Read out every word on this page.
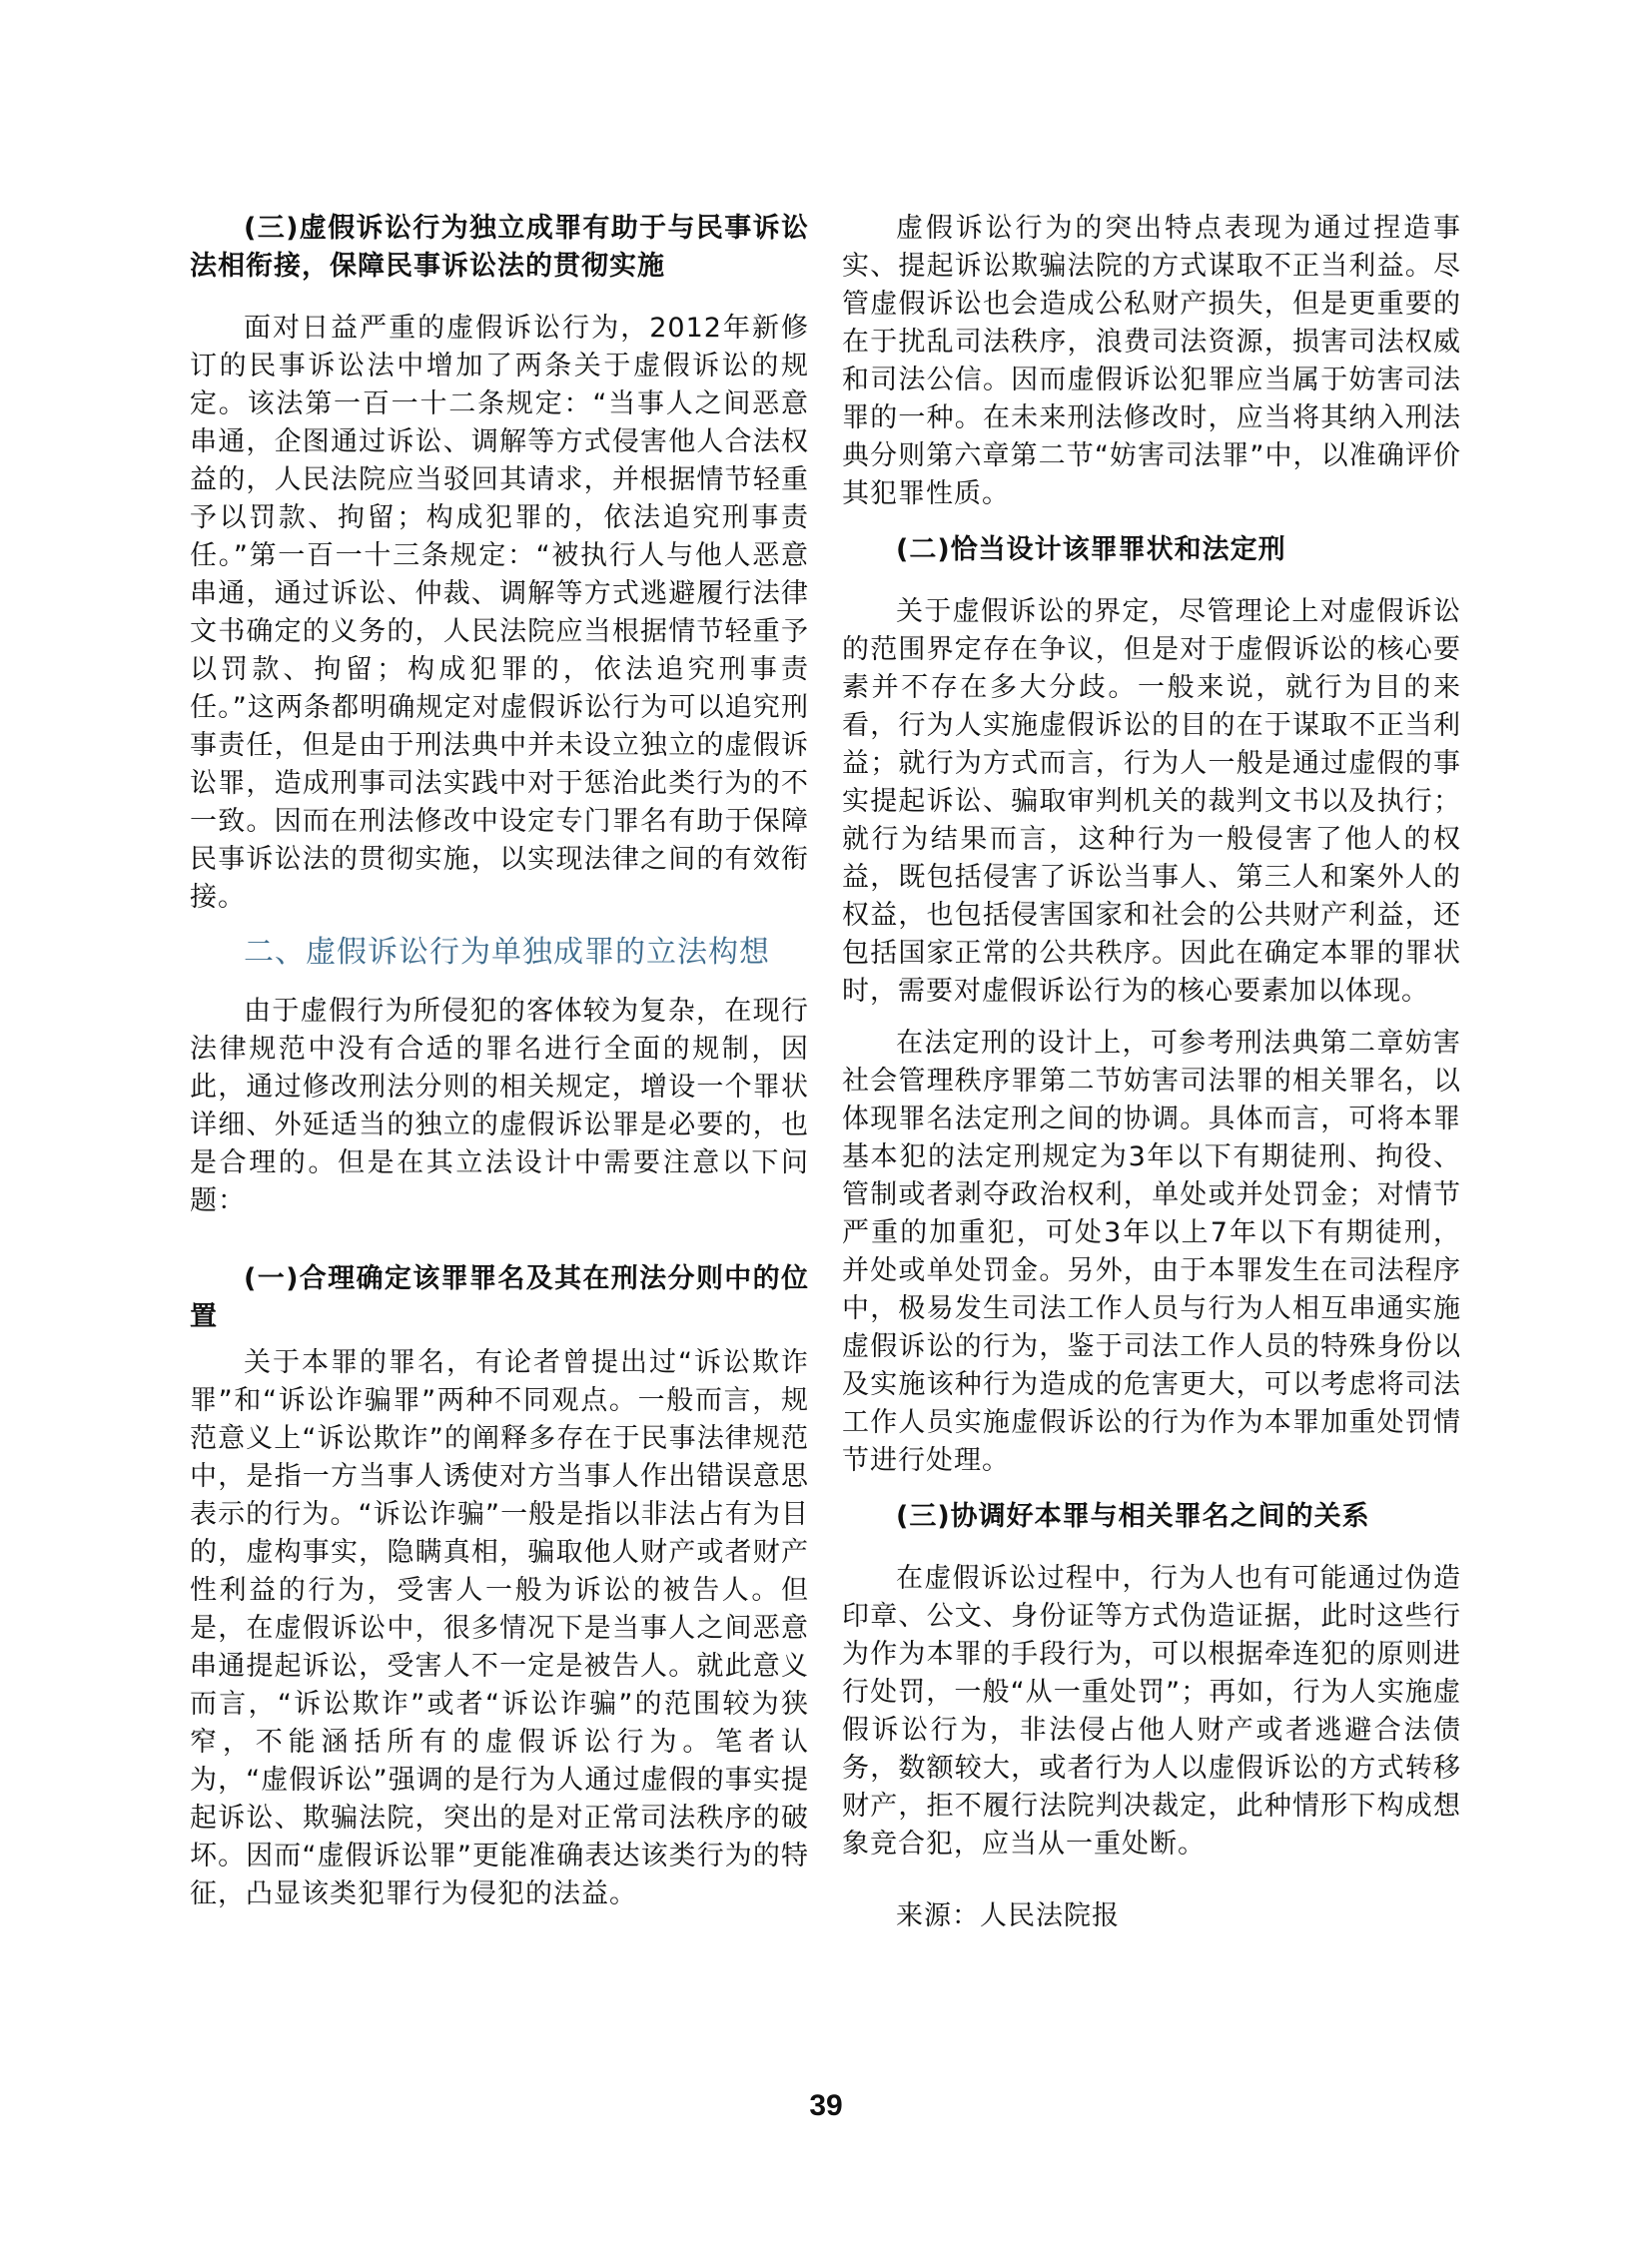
(三)虚假诉讼行为独立成罪有助于与民事诉讼法相衔接，保障民事诉讼法的贯彻实施
面对日益严重的虚假诉讼行为，2012年新修订的民事诉讼法中增加了两条关于虚假诉讼的规定。该法第一百一十二条规定：“当事人之间恶意串通，企图通过诉讼、调解等方式侵害他人合法权益的，人民法院应当驳回其请求，并根据情节轻重予以罚款、拘留；构成犯罪的，依法追究刑事责任。”第一百一十三条规定：“被执行人与他人恶意串通，通过诉讼、仲裁、调解等方式逃避履行法律文书确定的义务的，人民法院应当根据情节轻重予以罚款、拘留；构成犯罪的，依法追究刑事责任。”这两条都明确规定对虚假诉讼行为可以追究刑事责任，但是由于刑法典中并未设立独立的虚假诉讼罪，造成刑事司法实践中对于惩治此类行为的不一致。因而在刑法修改中设定专门罪名有助于保障民事诉讼法的贯彻实施，以实现法律之间的有效衔接。
二、虚假诉讼行为单独成罪的立法构想
由于虚假行为所侵犯的客体较为复杂，在现行法律规范中没有合适的罪名进行全面的规制，因此，通过修改刑法分则的相关规定，增设一个罪状详细、外延适当的独立的虚假诉讼罪是必要的，也是合理的。但是在其立法设计中需要注意以下问题：
(一)合理确定该罪罪名及其在刑法分则中的位置
关于本罪的罪名，有论者曾提出过“诉讼欺诈罪”和“诉讼诈骗罪”两种不同观点。一般而言，规范意义上“诉讼欺诈”的阐释多存在于民事法律规范中，是指一方当事人诱使对方当事人作出错误意思表示的行为。“诉讼诈骗”一般是指以非法占有为目的，虚构事实，隐瞒真相，骗取他人财产或者财产性利益的行为，受害人一般为诉讼的被告人。但是，在虚假诉讼中，很多情况下是当事人之间恶意串通提起诉讼，受害人不一定是被告人。就此意义而言，“诉讼欺诈”或者“诉讼诈骗”的范围较为狭窄，不能涵括所有的虚假诉讼行为。笔者认为，“虚假诉讼”强调的是行为人通过虚假的事实提起诉讼、欺骗法院，突出的是对正常司法秩序的破坏。因而“虚假诉讼罪”更能准确表达该类行为的特征，凸显该类犯罪行为侵犯的法益。
虚假诉讼行为的突出特点表现为通过捏造事实、提起诉讼欺骗法院的方式谋取不正当利益。尽管虚假诉讼也会造成公私财产损失，但是更重要的在于扰乱司法秩序，浪费司法资源，损害司法权威和司法公信。因而虚假诉讼犯罪应当属于妨害司法罪的一种。在未来刑法修改时，应当将其纳入刑法典分则第六章第二节“妨害司法罪”中，以准确评价其犯罪性质。
(二)恰当设计该罪罪状和法定刑
关于虚假诉讼的界定，尽管理论上对虚假诉讼的范围界定存在争议，但是对于虚假诉讼的核心要素并不存在多大分歧。一般来说，就行为目的来看，行为人实施虚假诉讼的目的在于谋取不正当利益；就行为方式而言，行为人一般是通过虚假的事实提起诉讼、骗取审判机关的裁判文书以及执行；就行为结果而言，这种行为一般侵害了他人的权益，既包括侵害了诉讼当事人、第三人和案外人的权益，也包括侵害国家和社会的公共财产利益，还包括国家正常的公共秩序。因此在确定本罪的罪状时，需要对虚假诉讼行为的核心要素加以体现。
在法定刑的设计上，可参考刑法典第二章妨害社会管理秩序罪第二节妨害司法罪的相关罪名，以体现罪名法定刑之间的协调。具体而言，可将本罪基本犯的法定刑规定为3年以下有期徒刑、拘役、管制或者剥夺政治权利，单处或并处罚金；对情节严重的加重犯，可处3年以上7年以下有期徒刑，并处或单处罚金。另外，由于本罪发生在司法程序中，极易发生司法工作人员与行为人相互串通实施虚假诉讼的行为，鉴于司法工作人员的特殊身份以及实施该种行为造成的危害更大，可以考虑将司法工作人员实施虚假诉讼的行为作为本罪加重处罚情节进行处理。
(三)协调好本罪与相关罪名之间的关系
在虚假诉讼过程中，行为人也有可能通过伪造印章、公文、身份证等方式伪造证据，此时这些行为作为本罪的手段行为，可以根据牵连犯的原则进行处罚，一般“从一重处罚”；再如，行为人实施虚假诉讼行为，非法侵占他人财产或者逃避合法债务，数额较大，或者行为人以虚假诉讼的方式转移财产，拒不履行法院判决裁定，此种情形下构成想象竞合犯，应当从一重处断。
来源：人民法院报
39
